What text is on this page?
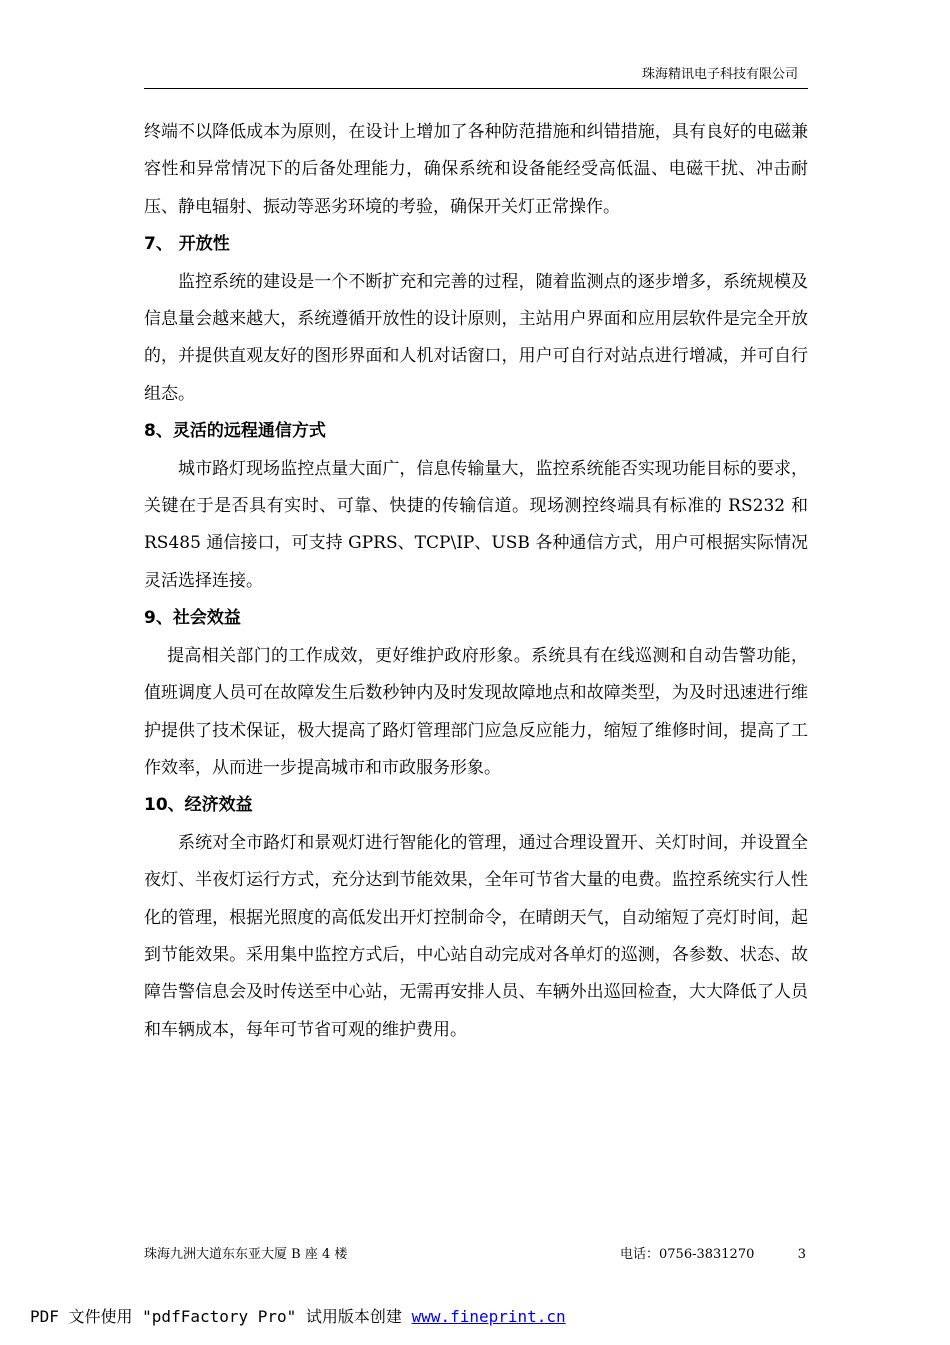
珠海精讯电子科技有限公司

终端不以降低成本为原则，在设计上增加了各种防范措施和纠错措施，具有良好的电磁兼容性和异常情况下的后备处理能力，确保系统和设备能经受高低温、电磁干扰、冲击耐压、静电辐射、振动等恶劣环境的考验，确保开关灯正常操作。

7、 开放性

　　监控系统的建设是一个不断扩充和完善的过程，随着监测点的逐步增多，系统规模及信息量会越来越大，系统遵循开放性的设计原则，主站用户界面和应用层软件是完全开放的，并提供直观友好的图形界面和人机对话窗口，用户可自行对站点进行增减，并可自行组态。

8、灵活的远程通信方式

　　城市路灯现场监控点量大面广，信息传输量大，监控系统能否实现功能目标的要求，关键在于是否具有实时、可靠、快捷的传输信道。现场测控终端具有标准的 RS232 和 RS485 通信接口，可支持 GPRS、TCP\IP、USB 各种通信方式，用户可根据实际情况灵活选择连接。

9、社会效益

　 提高相关部门的工作成效，更好维护政府形象。系统具有在线巡测和自动告警功能，值班调度人员可在故障发生后数秒钟内及时发现故障地点和故障类型，为及时迅速进行维护提供了技术保证，极大提高了路灯管理部门应急反应能力，缩短了维修时间，提高了工作效率，从而进一步提高城市和市政服务形象。

10、经济效益

　　系统对全市路灯和景观灯进行智能化的管理，通过合理设置开、关灯时间，并设置全夜灯、半夜灯运行方式，充分达到节能效果，全年可节省大量的电费。监控系统实行人性化的管理，根据光照度的高低发出开灯控制命令，在晴朗天气，自动缩短了亮灯时间，起到节能效果。采用集中监控方式后，中心站自动完成对各单灯的巡测，各参数、状态、故障告警信息会及时传送至中心站，无需再安排人员、车辆外出巡回检查，大大降低了人员和车辆成本，每年可节省可观的维护费用。

珠海九洲大道东东亚大厦 B 座 4 楼	电话：0756-3831270	3
PDF 文件使用 "pdfFactory Pro" 试用版本创建 www.fineprint.cn
